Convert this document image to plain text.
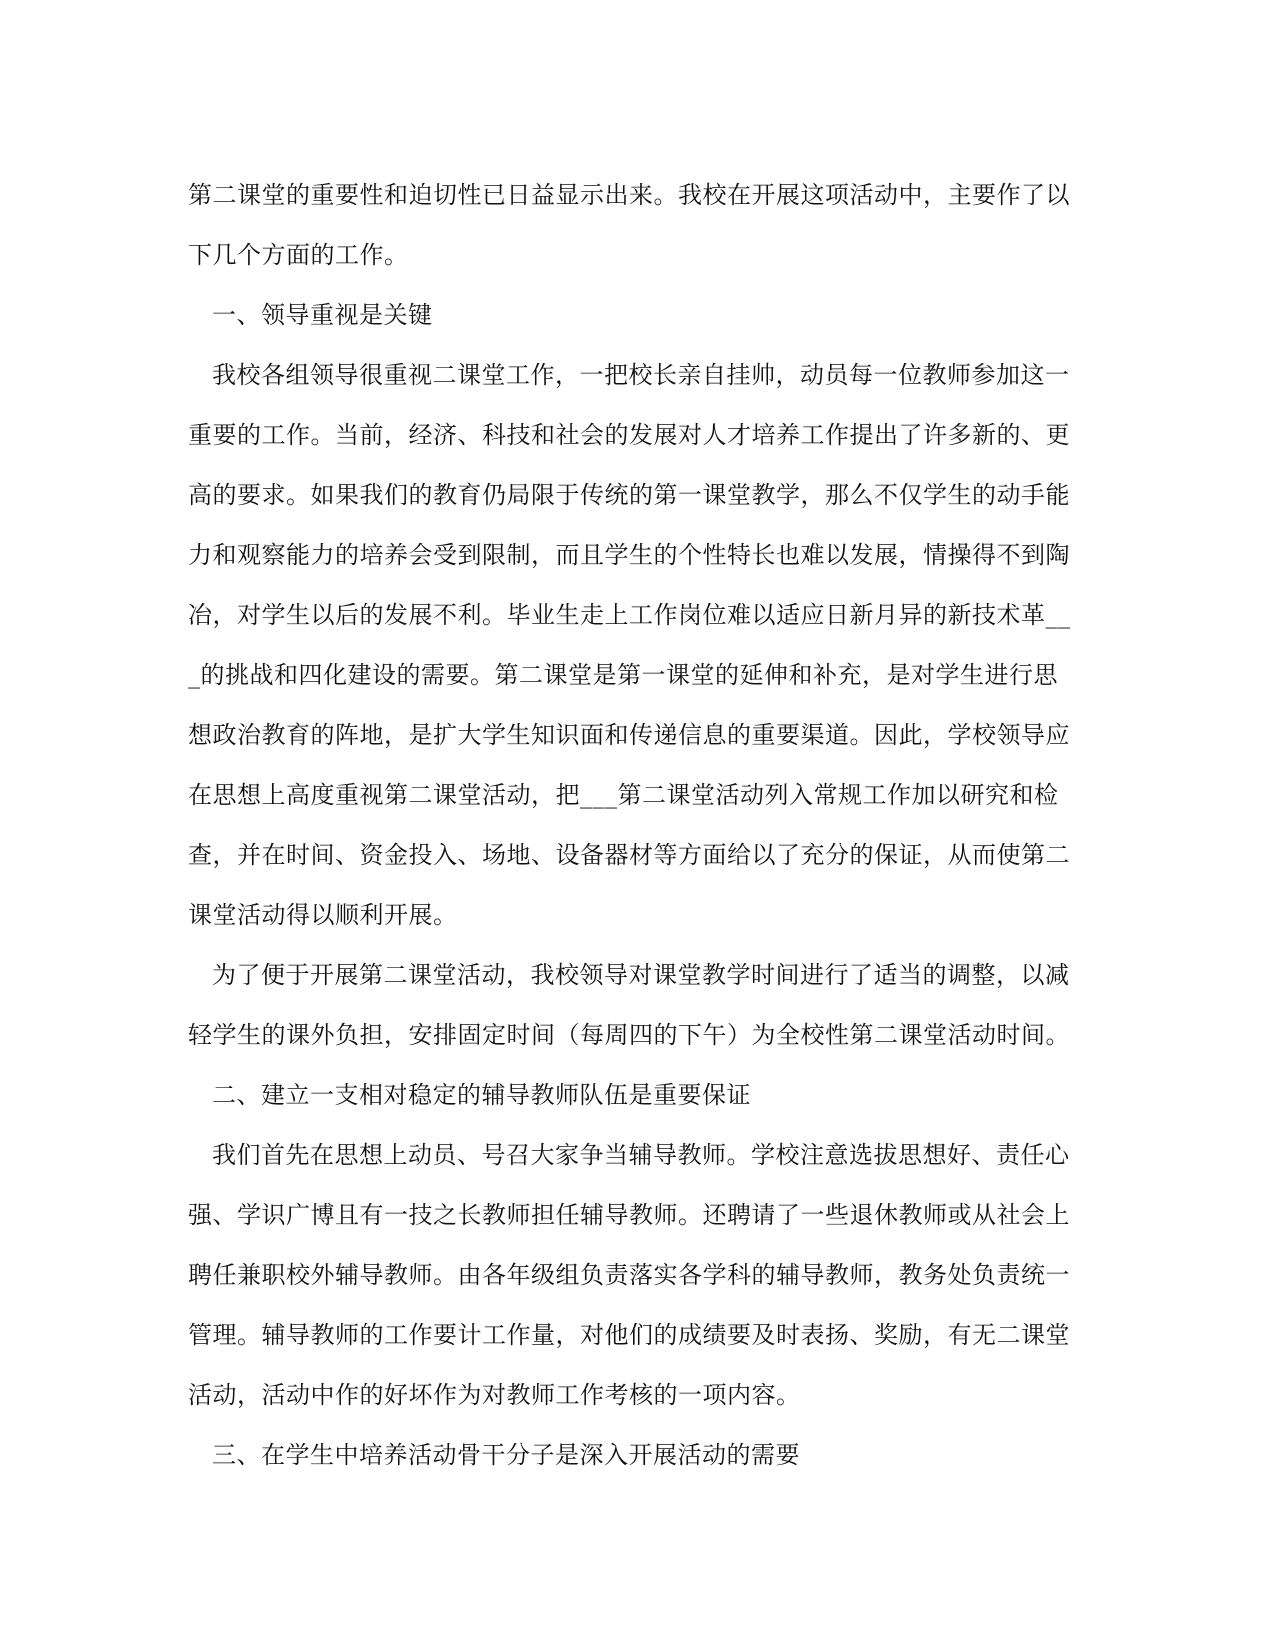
第二课堂的重要性和迫切性已日益显示出来。我校在开展这项活动中，主要作了以
下几个方面的工作。
一、领导重视是关键
我校各组领导很重视二课堂工作，一把校长亲自挂帅，动员每一位教师参加这一
重要的工作。当前，经济、科技和社会的发展对人才培养工作提出了许多新的、更
高的要求。如果我们的教育仍局限于传统的第一课堂教学，那么不仅学生的动手能
力和观察能力的培养会受到限制，而且学生的个性特长也难以发展，情操得不到陶
冶，对学生以后的发展不利。毕业生走上工作岗位难以适应日新月异的新技术革__
_的挑战和四化建设的需要。第二课堂是第一课堂的延伸和补充，是对学生进行思
想政治教育的阵地，是扩大学生知识面和传递信息的重要渠道。因此，学校领导应
在思想上高度重视第二课堂活动，把___第二课堂活动列入常规工作加以研究和检
查，并在时间、资金投入、场地、设备器材等方面给以了充分的保证，从而使第二
课堂活动得以顺利开展。
为了便于开展第二课堂活动，我校领导对课堂教学时间进行了适当的调整，以减
轻学生的课外负担，安排固定时间（每周四的下午）为全校性第二课堂活动时间。
二、建立一支相对稳定的辅导教师队伍是重要保证
我们首先在思想上动员、号召大家争当辅导教师。学校注意选拔思想好、责任心
强、学识广博且有一技之长教师担任辅导教师。还聘请了一些退休教师或从社会上
聘任兼职校外辅导教师。由各年级组负责落实各学科的辅导教师，教务处负责统一
管理。辅导教师的工作要计工作量，对他们的成绩要及时表扬、奖励，有无二课堂
活动，活动中作的好坏作为对教师工作考核的一项内容。
三、在学生中培养活动骨干分子是深入开展活动的需要
